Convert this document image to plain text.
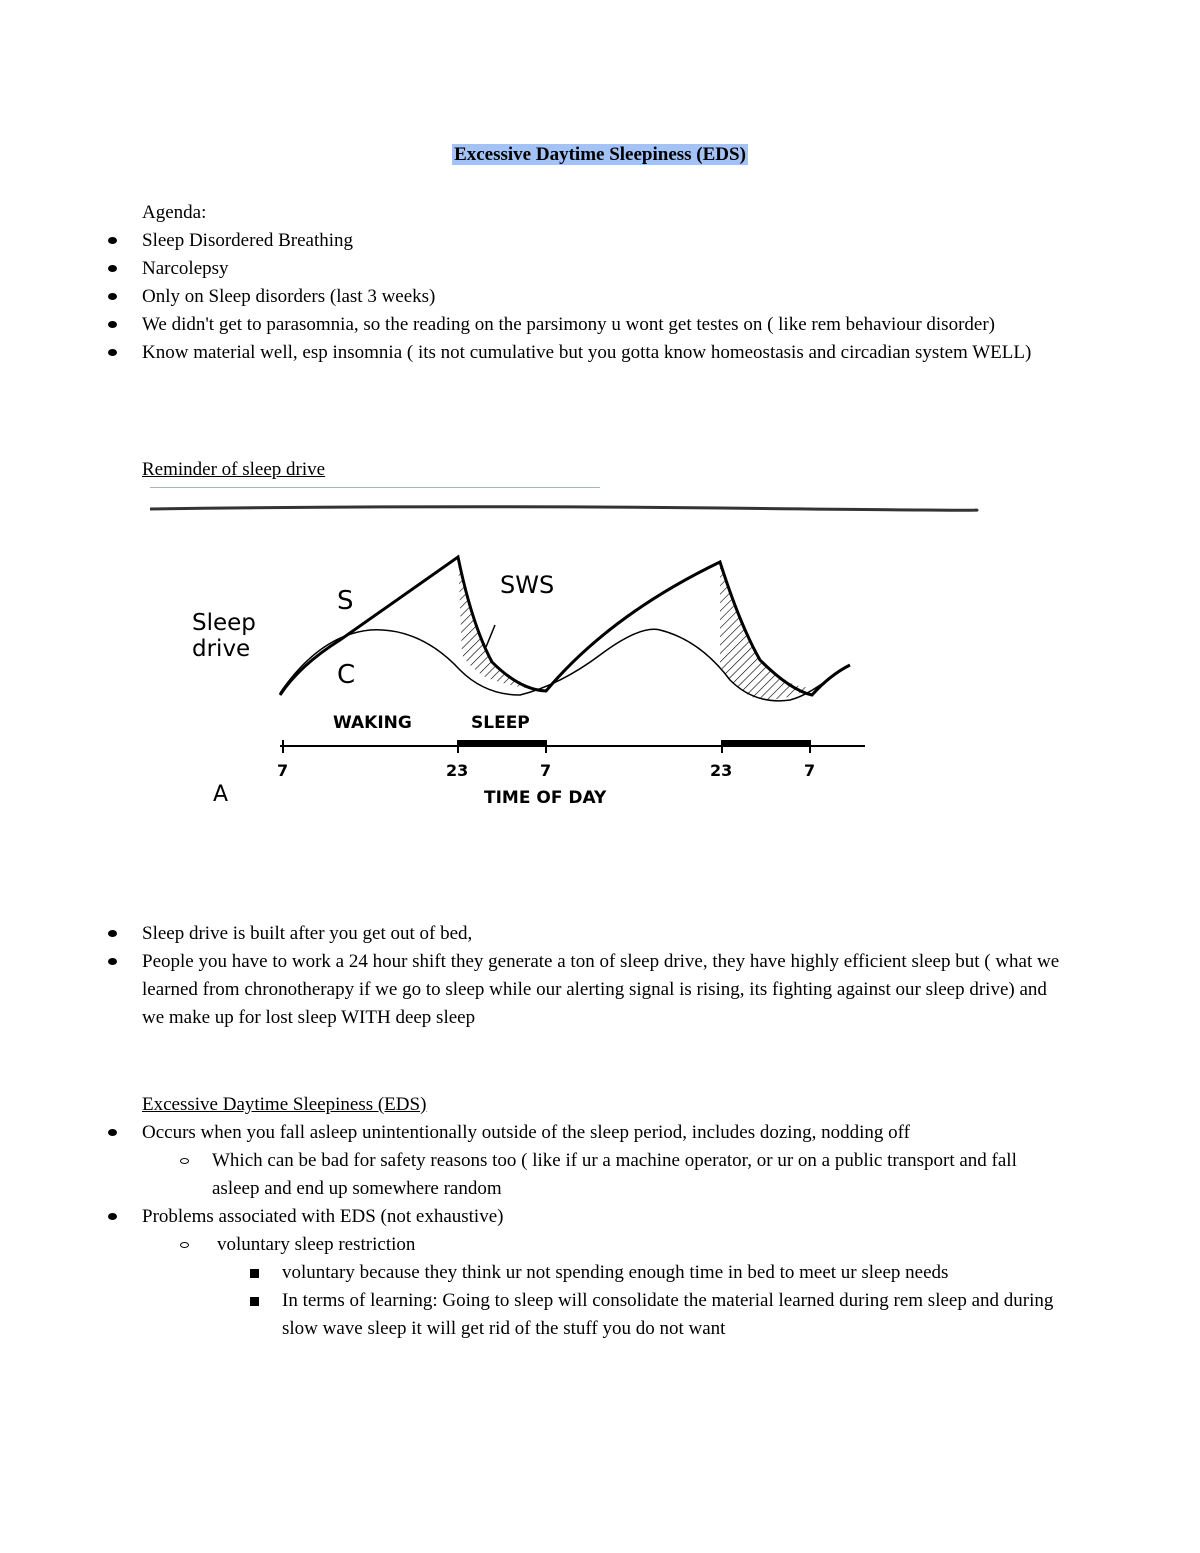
Excessive Daytime Sleepiness (EDS)
Agenda:
Sleep Disordered Breathing
Narcolepsy
Only on Sleep disorders (last 3 weeks)
We didn't get to parasomnia, so the reading on the parsimony u wont get testes on ( like rem behaviour disorder)
Know material well, esp insomnia ( its not cumulative but you gotta know homeostasis and circadian system WELL)
Reminder of sleep drive
Sleep
drive
S
C
SWS
WAKING	SLEEP
7	23	7	23	7
A	TIME OF DAY
Sleep drive is built after you get out of bed,
People you have to work a 24 hour shift they generate a ton of sleep drive, they have highly efficient sleep but ( what we learned from chronotherapy if we go to sleep while our alerting signal is rising, its fighting against our sleep drive) and we make up for lost sleep WITH deep sleep
Excessive Daytime Sleepiness (EDS)
Occurs when you fall asleep unintentionally outside of the sleep period, includes dozing, nodding off
Which can be bad for safety reasons too ( like if ur a machine operator, or ur on a public transport and fall asleep and end up somewhere random
Problems associated with EDS (not exhaustive)
voluntary sleep restriction
voluntary because they think ur not spending enough time in bed to meet ur sleep needs
In terms of learning: Going to sleep will consolidate the material learned during rem sleep and during slow wave sleep it will get rid of the stuff you do not want
